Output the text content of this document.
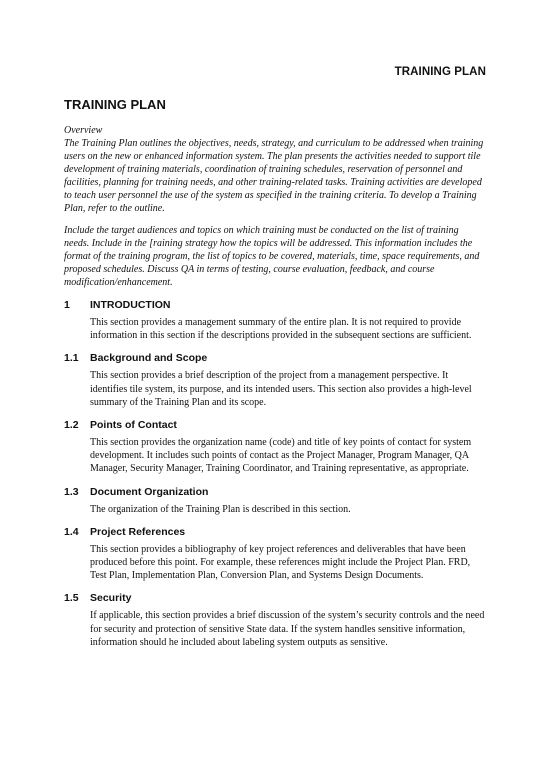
TRAINING PLAN
TRAINING PLAN

Overview

The Training Plan outlines the objectives, needs, strategy, and curriculum to be addressed when training users on the new or enhanced information system. The plan presents the activities needed to support tile development of training materials, coordination of training schedules, reservation of personnel and facilities, planning for training needs, and other training-related tasks. Training activities are developed to teach user personnel the use of the system as specified in the training criteria. To develop a Training Plan, refer to the outline.

Include the target audiences and topics on which training must be conducted on the list of training needs. Include in the [raining strategy how the topics will be addressed. This information includes the format of the training program, the list of topics to be covered, materials, time, space requirements, and proposed schedules. Discuss QA in terms of testing, course evaluation, feedback, and course modification/enhancement.

1	INTRODUCTION

This section provides a management summary of the entire plan. It is not required to provide information in this section if the descriptions provided in the subsequent sections are sufficient.

1.1	Background and Scope

This section provides a brief description of the project from a management perspective. It identifies tile system, its purpose, and its intended users. This section also provides a high-level summary of the Training Plan and its scope.

1.2	Points of Contact

This section provides the organization name (code) and title of key points of contact for system development. It includes such points of contact as the Project Manager, Program Manager, QA Manager, Security Manager, Training Coordinator, and Training representative, as appropriate.

1.3	Document Organization

The organization of the Training Plan is described in this section.

1.4	Project References

This section provides a bibliography of key project references and deliverables that have been produced before this point. For example, these references might include the Project Plan. FRD, Test Plan, Implementation Plan, Conversion Plan, and Systems Design Documents.

1.5	Security

If applicable, this section provides a brief discussion of the system’s security controls and the need for security and protection of sensitive State data. If the system handles sensitive information, information should he included about labeling system outputs as sensitive.
